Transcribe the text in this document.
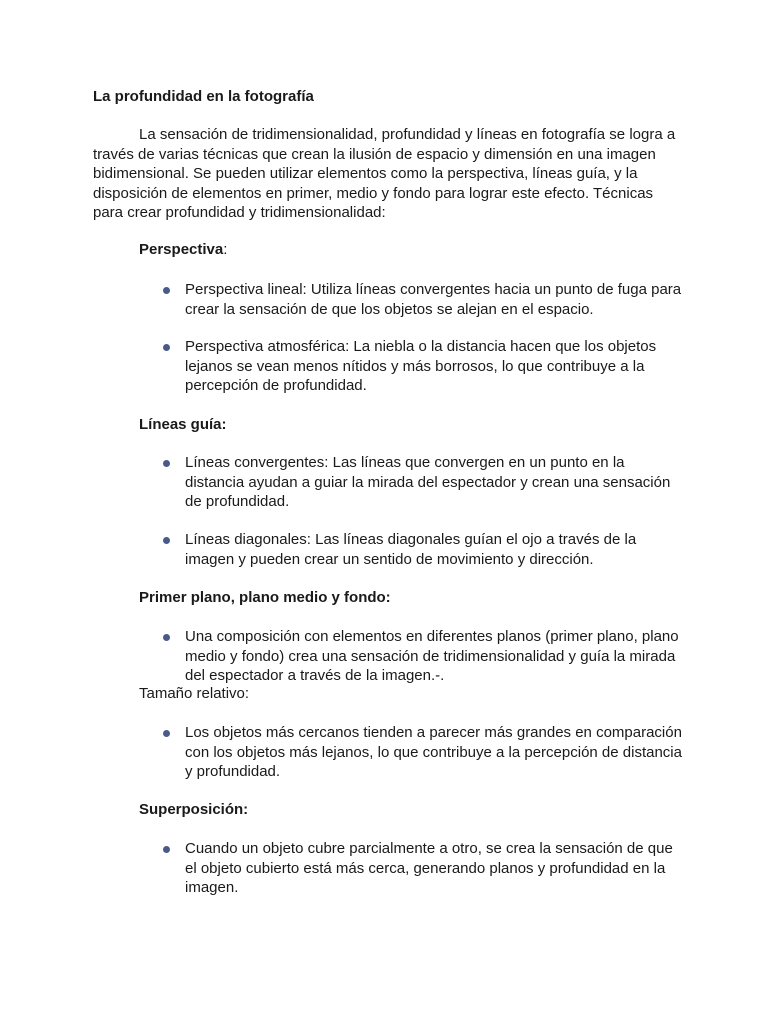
La profundidad en la fotografía

La sensación de tridimensionalidad, profundidad y líneas en fotografía se logra a través de varias técnicas que crean la ilusión de espacio y dimensión en una imagen bidimensional. Se pueden utilizar elementos como la perspectiva, líneas guía, y la disposición de elementos en primer, medio y fondo para lograr este efecto. Técnicas para crear profundidad y tridimensionalidad:

Perspectiva:

Perspectiva lineal: Utiliza líneas convergentes hacia un punto de fuga para crear la sensación de que los objetos se alejan en el espacio.
Perspectiva atmosférica: La niebla o la distancia hacen que los objetos lejanos se vean menos nítidos y más borrosos, lo que contribuye a la percepción de profundidad.

Líneas guía:

Líneas convergentes: Las líneas que convergen en un punto en la distancia ayudan a guiar la mirada del espectador y crean una sensación de profundidad.
Líneas diagonales: Las líneas diagonales guían el ojo a través de la imagen y pueden crear un sentido de movimiento y dirección.

Primer plano, plano medio y fondo:

Una composición con elementos en diferentes planos (primer plano, plano medio y fondo) crea una sensación de tridimensionalidad y guía la mirada del espectador a través de la imagen.-.

Tamaño relativo:

Los objetos más cercanos tienden a parecer más grandes en comparación con los objetos más lejanos, lo que contribuye a la percepción de distancia y profundidad.

Superposición:

Cuando un objeto cubre parcialmente a otro, se crea la sensación de que el objeto cubierto está más cerca, generando planos y profundidad en la imagen.
